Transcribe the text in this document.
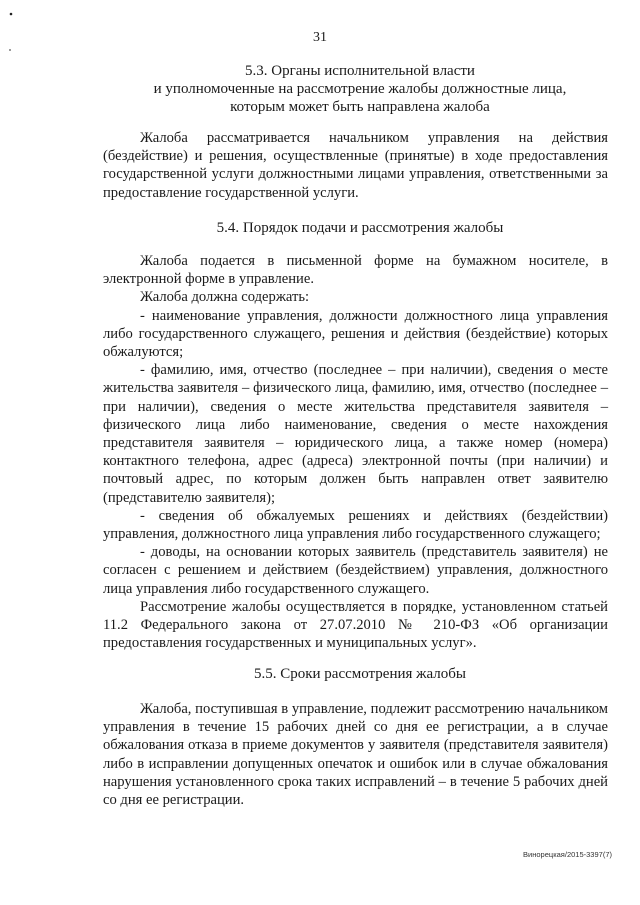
31
5.3. Органы исполнительной власти
и уполномоченные на рассмотрение жалобы должностные лица,
которым может быть направлена жалоба

Жалоба рассматривается начальником управления на действия (бездействие) и решения, осуществленные (принятые) в ходе предоставления государственной услуги должностными лицами управления, ответственными за предоставление государственной услуги.

5.4. Порядок подачи и рассмотрения жалобы

Жалоба подается в письменной форме на бумажном носителе, в электронной форме в управление.

Жалоба должна содержать:

- наименование управления, должности должностного лица управления либо государственного служащего, решения и действия (бездействие) которых обжалуются;

- фамилию, имя, отчество (последнее – при наличии), сведения о месте жительства заявителя – физического лица, фамилию, имя, отчество (последнее – при наличии), сведения о месте жительства представителя заявителя – физического лица либо наименование, сведения о месте нахождения представителя заявителя – юридического лица, а также номер (номера) контактного телефона, адрес (адреса) электронной почты (при наличии) и почтовый адрес, по которым должен быть направлен ответ заявителю (представителю заявителя);

- сведения об обжалуемых решениях и действиях (бездействии) управления, должностного лица управления либо государственного служащего;

- доводы, на основании которых заявитель (представитель заявителя) не согласен с решением и действием (бездействием) управления, должностного лица управления либо государственного служащего.

Рассмотрение жалобы осуществляется в порядке, установленном статьей 11.2 Федерального закона от 27.07.2010 № 210-ФЗ «Об организации предоставления государственных и муниципальных услуг».

5.5. Сроки рассмотрения жалобы

Жалоба, поступившая в управление, подлежит рассмотрению начальником управления в течение 15 рабочих дней со дня ее регистрации, а в случае обжалования отказа в приеме документов у заявителя (представителя заявителя) либо в исправлении допущенных опечаток и ошибок или в случае обжалования нарушения установленного срока таких исправлений – в течение 5 рабочих дней со дня ее регистрации.

Винорецкая/2015-3397(7)
